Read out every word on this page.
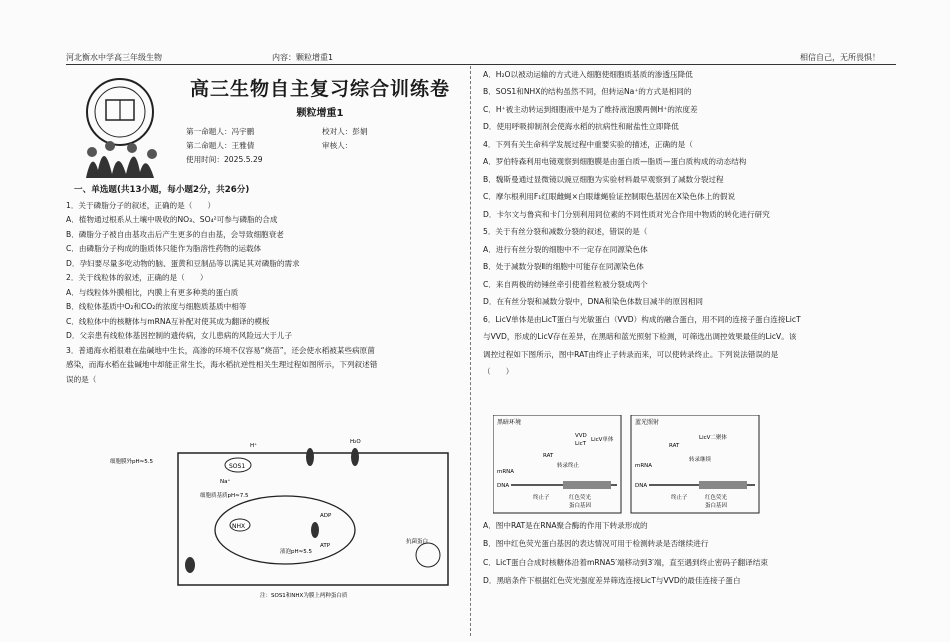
河北衡水中学高三年级生物	内容：颗粒增重1	相信自己，无所畏惧！
高三生物自主复习综合训练卷
颗粒增重1
第一命题人：冯宇鹏	校对人：彭娟
第二命题人：王雅倩	审核人：
使用时间：2025.5.29
一、单选题(共13小题，每小题2分，共26分)

1．关于磷脂分子的叙述，正确的是（　　）

A．植物通过根系从土壤中吸收的NO₃、SO₄²可参与磷脂的合成

B．磷脂分子被自由基攻击后产生更多的自由基，会导致细胞衰老

C．由磷脂分子构成的脂质体只能作为脂溶性药物的运载体

D．孕妇要尽量多吃动物的脑、蛋黄和豆制品等以满足其对磷脂的需求

2．关于线粒体的叙述，正确的是（　　）

A．与线粒体外膜相比，内膜上有更多种类的蛋白质

B．线粒体基质中O₂和CO₂的浓度与细胞质基质中相等

C．线粒体中的核糖体与mRNA互补配对使其成为翻译的模板

D．父亲患有线粒体基因控制的遗传病，女儿患病的风险远大于儿子

3．普通海水稻很难在盐碱地中生长，高渗的环境不仅容易“烧苗”，还会使水稻被某些病原菌

感染，而海水稻在盐碱地中却能正常生长，海水稻抗逆性相关生理过程如图所示，下列叙述错

误的是（

SOS1
NHX
细胞膜外pH≈5.5
细胞质基质pH≈7.5
液泡pH≈5.5
H₂O
H⁺
Na⁺
ADP
ATP
抗菌蛋白
注：SOS1和NHX为膜上两种蛋白质

A．H₂O以被动运输的方式进入细胞使细胞质基质的渗透压降低

B．SOS1和NHX的结构虽然不同，但转运Na⁺的方式是相同的

C．H⁺被主动转运到细胞液中是为了维持液泡膜两侧H⁺的浓度差

D．使用呼吸抑制剂会使海水稻的抗病性和耐盐性立即降低

4．下列有关生命科学发展过程中重要实验的描述，正确的是（

A．罗伯特森利用电镜观察到细胞膜是由蛋白质—脂质—蛋白质构成的动态结构

B．魏斯曼通过显微镜以豌豆细胞为实验材料最早观察到了减数分裂过程

C．摩尔根利用F₁红眼雌蝇×白眼雄蝇验证控制眼色基因在X染色体上的假说

D．卡尔文与鲁宾和卡门分别利用同位素的不同性质对光合作用中物质的转化进行研究

5．关于有丝分裂和减数分裂的叙述，错误的是（

A．进行有丝分裂的细胞中不一定存在同源染色体

B．处于减数分裂Ⅱ的细胞中可能存在同源染色体

C．来自两极的纺锤丝牵引使着丝粒被分裂成两个

D．在有丝分裂和减数分裂中，DNA和染色体数目减半的原因相同

6．LicV单体是由LicT蛋白与光敏蛋白（VVD）构成的融合蛋白，用不同的连接子蛋白连接LicT

与VVD，形成的LicV存在差异，在黑暗和蓝光照射下检测，可筛选出调控效果最佳的LicV。该

调控过程如下图所示，图中RAT由终止子转录而来，可以使转录终止。下列说法错误的是

（　　）

黑暗环境	蓝光照射
VVD
LicT
LicV单体	LicV二聚体
RAT
RAT
mRNA
mRNA
DNA	DNA
转录终止
转录继续
终止子	终止子
红色荧光
蛋白基因
红色荧光
蛋白基因

A．图中RAT是在RNA聚合酶的作用下转录形成的

B．图中红色荧光蛋白基因的表达情况可用于检测转录是否继续进行

C．LicT蛋白合成时核糖体沿着mRNA5′端移动到3′端，直至遇到终止密码子翻译结束

D．黑暗条件下根据红色荧光强度差异筛选连接LicT与VVD的最佳连接子蛋白
